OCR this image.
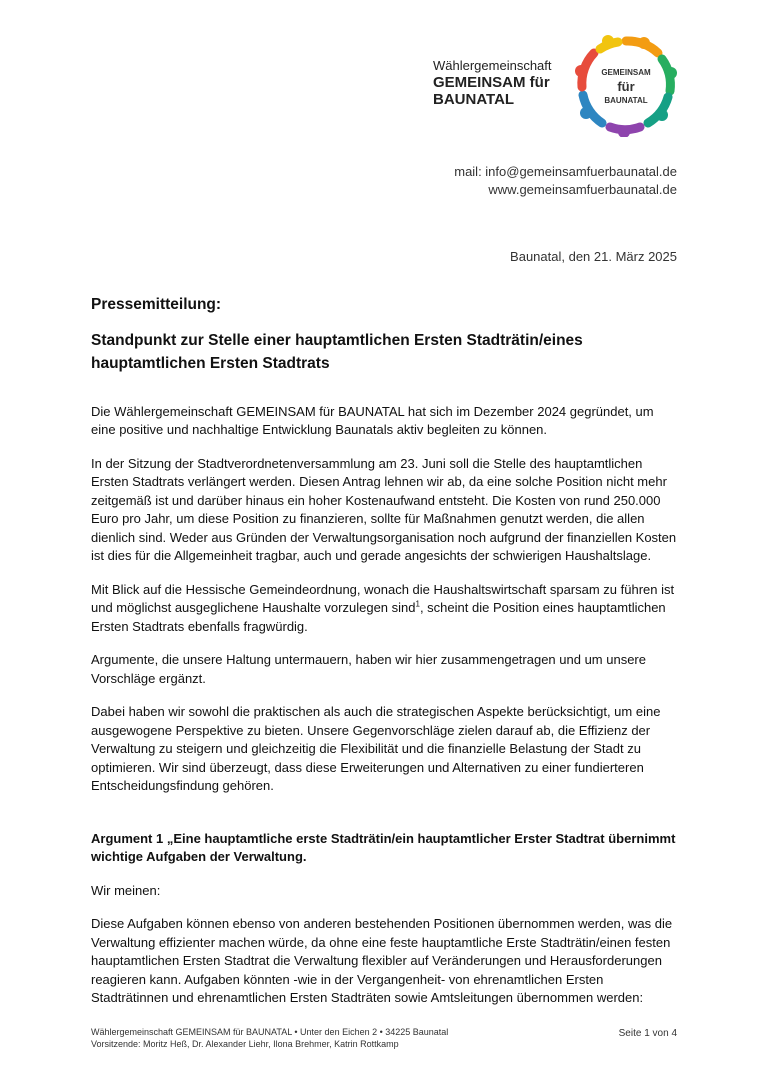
Wählergemeinschaft
GEMEINSAM für
BAUNATAL
GEMEINSAM
für
BAUNATAL
mail: info@gemeinsamfuerbaunatal.de
www.gemeinsamfuerbaunatal.de
Baunatal, den 21. März 2025
Pressemitteilung:
Standpunkt zur Stelle einer hauptamtlichen Ersten Stadträtin/eines hauptamtlichen Ersten Stadtrats

Die Wählergemeinschaft GEMEINSAM für BAUNATAL hat sich im Dezember 2024 gegründet, um eine positive und nachhaltige Entwicklung Baunatals aktiv begleiten zu können.

In der Sitzung der Stadtverordnetenversammlung am 23. Juni soll die Stelle des hauptamtlichen Ersten Stadtrats verlängert werden. Diesen Antrag lehnen wir ab, da eine solche Position nicht mehr zeitgemäß ist und darüber hinaus ein hoher Kostenaufwand entsteht. Die Kosten von rund 250.000 Euro pro Jahr, um diese Position zu finanzieren, sollte für Maßnahmen genutzt werden, die allen dienlich sind. Weder aus Gründen der Verwaltungsorganisation noch aufgrund der finanziellen Kosten ist dies für die Allgemeinheit tragbar, auch und gerade angesichts der schwierigen Haushaltslage.

Mit Blick auf die Hessische Gemeindeordnung, wonach die Haushaltswirtschaft sparsam zu führen ist und möglichst ausgeglichene Haushalte vorzulegen sind$^1$, scheint die Position eines hauptamtlichen Ersten Stadtrats ebenfalls fragwürdig.

Argumente, die unsere Haltung untermauern, haben wir hier zusammengetragen und um unsere Vorschläge ergänzt.

Dabei haben wir sowohl die praktischen als auch die strategischen Aspekte berücksichtigt, um eine ausgewogene Perspektive zu bieten. Unsere Gegenvorschläge zielen darauf ab, die Effizienz der Verwaltung zu steigern und gleichzeitig die Flexibilität und die finanzielle Belastung der Stadt zu optimieren. Wir sind überzeugt, dass diese Erweiterungen und Alternativen zu einer fundierteren Entscheidungsfindung gehören.

Argument 1 „Eine hauptamtliche erste Stadträtin/ein hauptamtlicher Erster Stadtrat übernimmt wichtige Aufgaben der Verwaltung.

Wir meinen:

Diese Aufgaben können ebenso von anderen bestehenden Positionen übernommen werden, was die Verwaltung effizienter machen würde, da ohne eine feste hauptamtliche Erste Stadträtin/einen festen hauptamtlichen Ersten Stadtrat die Verwaltung flexibler auf Veränderungen und Herausforderungen reagieren kann. Aufgaben könnten -wie in der Vergangenheit- von ehrenamtlichen Ersten Stadträtinnen und ehrenamtlichen Ersten Stadträten sowie Amtsleitungen übernommen werden:

Wählergemeinschaft GEMEINSAM für BAUNATAL • Unter den Eichen 2 • 34225 Baunatal
Vorsitzende: Moritz Heß, Dr. Alexander Liehr, Ilona Brehmer, Katrin Rottkamp
Seite 1 von 4
